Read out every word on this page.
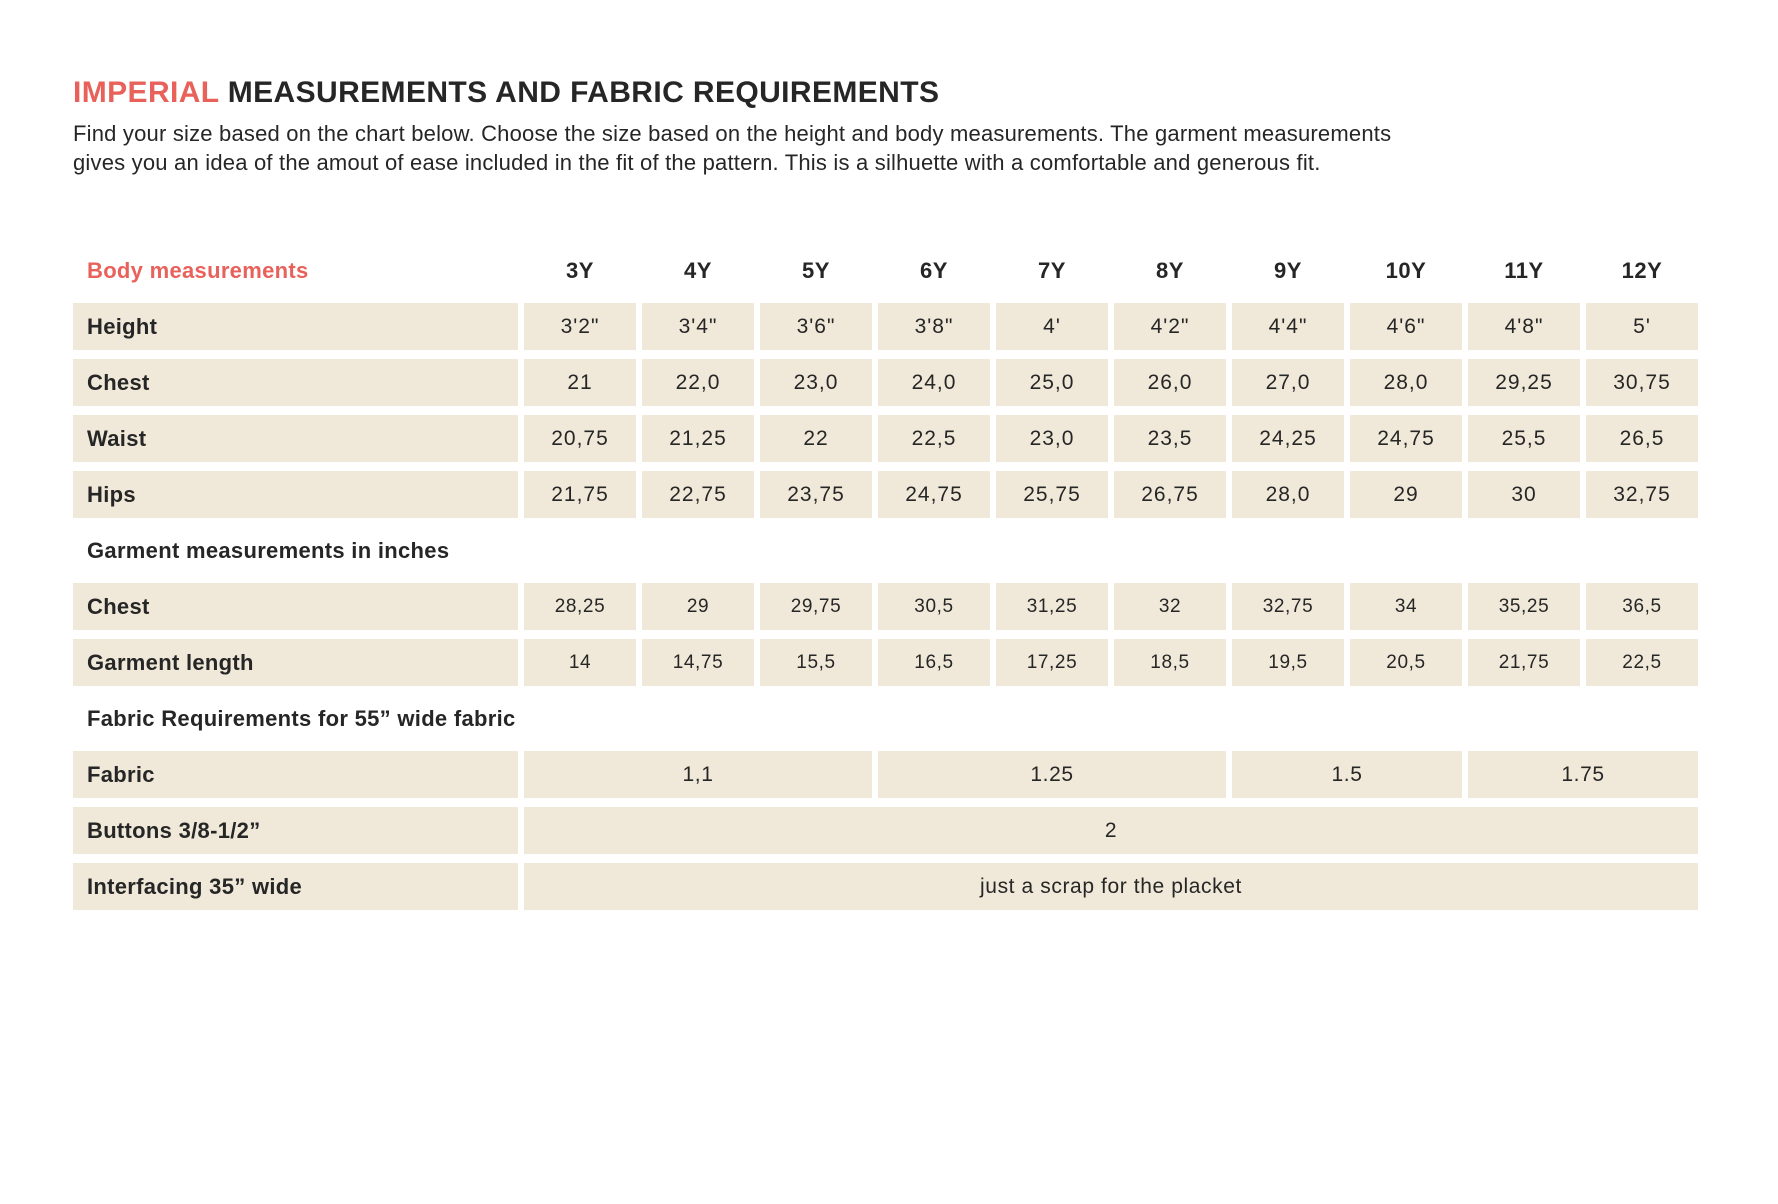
IMPERIAL MEASUREMENTS AND FABRIC REQUIREMENTS

Find your size based on the chart below. Choose the size based on the height and body measurements. The garment measurements
gives you an idea of the amout of ease included in the fit of the pattern. This is a silhuette with a comfortable and generous fit.

Body measurements	3Y	4Y	5Y	6Y	7Y	8Y	9Y	10Y	11Y	12Y
Height	3'2"	3'4"	3'6"	3'8"	4'	4'2"	4'4"	4'6"	4'8"	5'
Chest	21	22,0	23,0	24,0	25,0	26,0	27,0	28,0	29,25	30,75
Waist	20,75	21,25	22	22,5	23,0	23,5	24,25	24,75	25,5	26,5
Hips	21,75	22,75	23,75	24,75	25,75	26,75	28,0	29	30	32,75
Garment measurements in inches
Chest	28,25	29	29,75	30,5	31,25	32	32,75	34	35,25	36,5
Garment length	14	14,75	15,5	16,5	17,25	18,5	19,5	20,5	21,75	22,5
Fabric Requirements for 55” wide fabric
Fabric	1,1	1.25	1.5	1.75
Buttons 3/8-1/2”	2
Interfacing 35” wide	just a scrap for the placket
